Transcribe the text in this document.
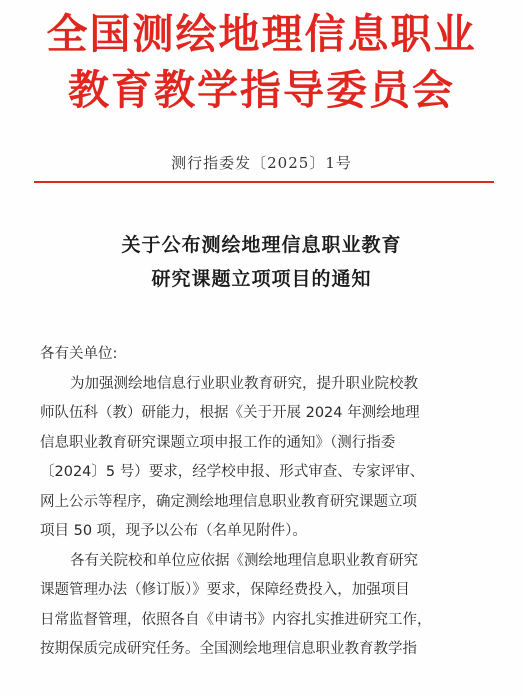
全国测绘地理信息职业
教育教学指导委员会
测行指委发〔2025〕1号
关于公布测绘地理信息职业教育
研究课题立项项目的通知
各有关单位:
为加强测绘地信息行业职业教育研究，提升职业院校教
师队伍科（教）研能力，根据《关于开展 2024 年测绘地理
信息职业教育研究课题立项申报工作的通知》（测行指委
〔2024〕5 号）要求，经学校申报、形式审查、专家评审、
网上公示等程序，确定测绘地理信息职业教育研究课题立项
项目 50 项，现予以公布（名单见附件）。
各有关院校和单位应依据《测绘地理信息职业教育研究
课题管理办法（修订版）》要求，保障经费投入，加强项目
日常监督管理，依照各自《申请书》内容扎实推进研究工作，
按期保质完成研究任务。全国测绘地理信息职业教育教学指
